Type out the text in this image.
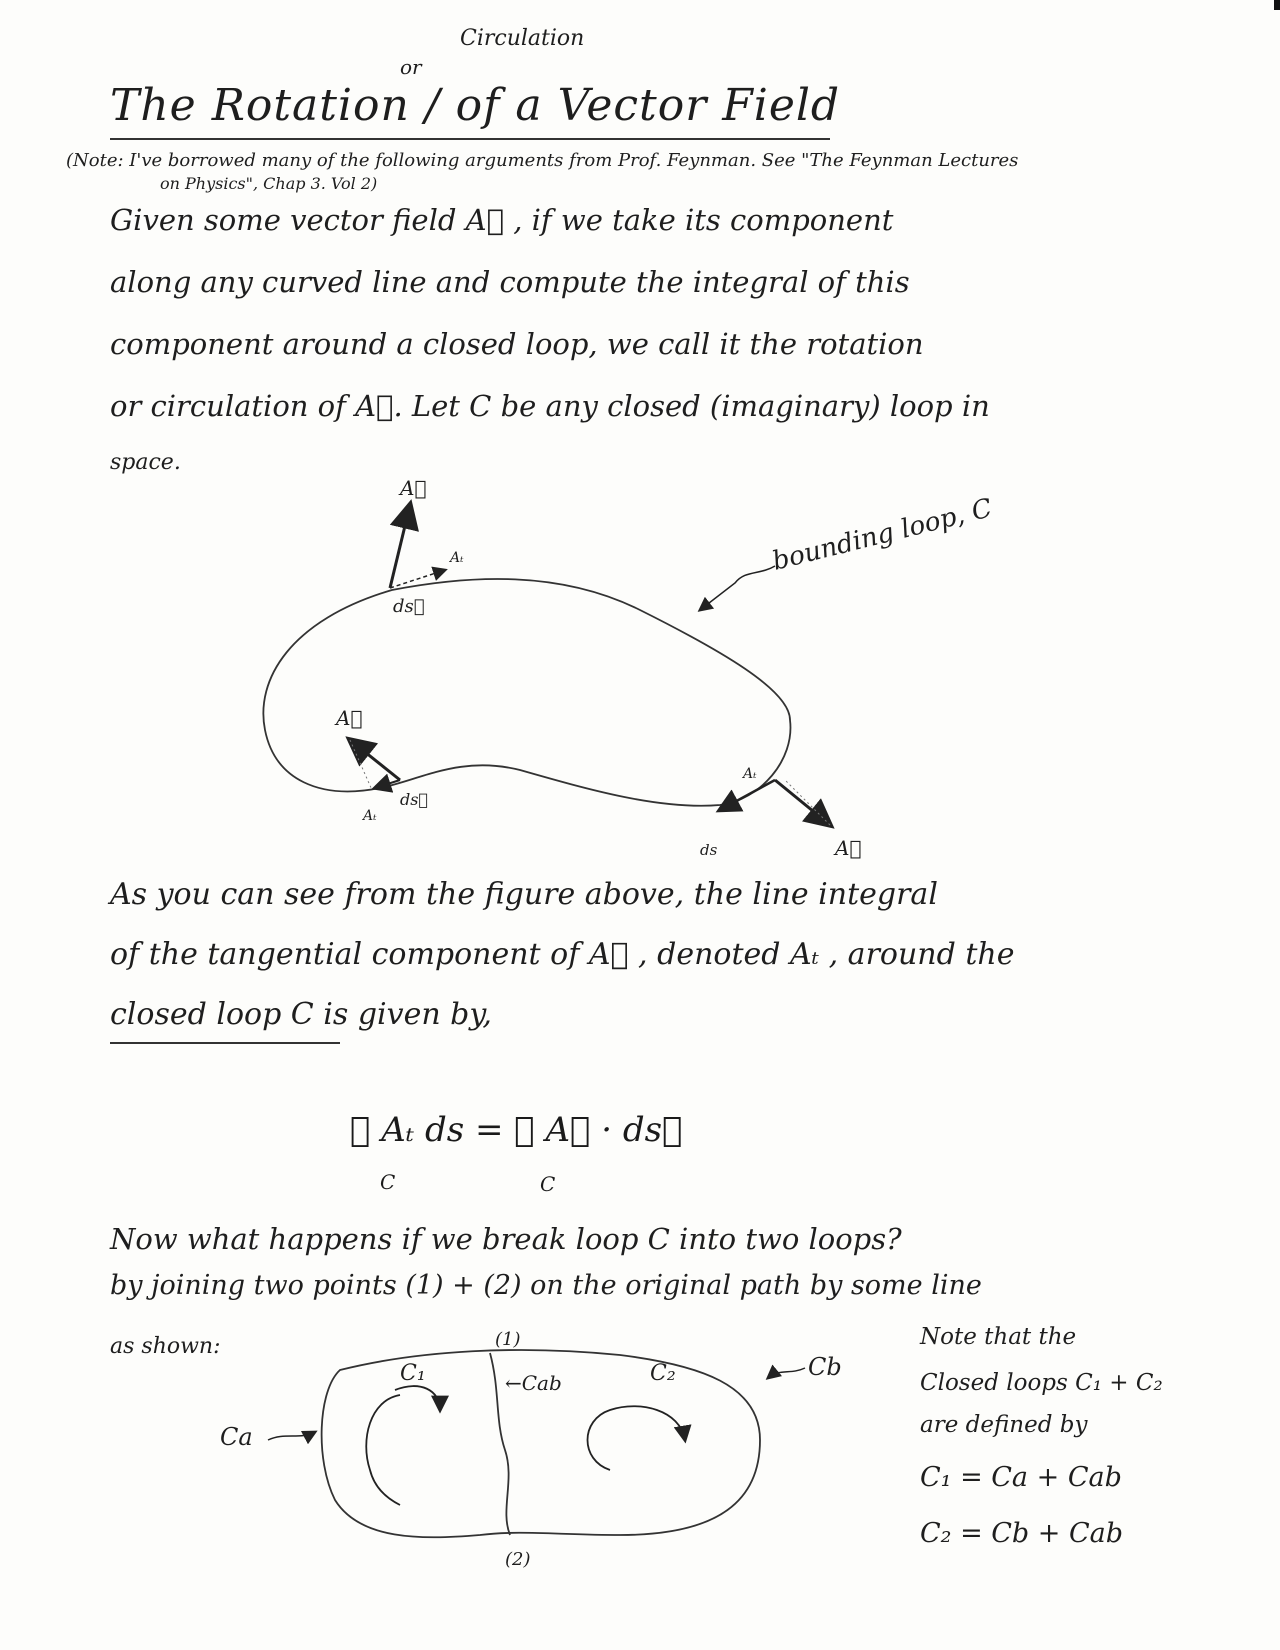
Circulation
or
The Rotation / of a Vector Field
(Note: I've borrowed many of the following arguments from Prof. Feynman. See "The Feynman Lectures
on Physics", Chap 3. Vol 2)
Given some vector field A⃗ , if we take its component
along any curved line and compute the integral of this
component around a closed loop, we call it the rotation
or circulation of A⃗. Let C be any closed (imaginary) loop in
space.
A⃗
Aₜ
ds⃗
A⃗
ds⃗
Aₜ
A⃗
ds
Aₜ
bounding loop, C
As you can see from the figure above, the line integral
of the tangential component of A⃗ , denoted Aₜ , around the
closed loop C is given by,
∮ Aₜ ds = ∮ A⃗ · ds⃗
C	C
Now what happens if we break loop C into two loops?
by joining two points (1) + (2) on the original path by some line
as shown:
C₁	C₂
←Cab
Ca
Cb
(1)
(2)
Note that the
Closed loops C₁ + C₂
are defined by
C₁ = Ca + Cab
C₂ = Cb + Cab
